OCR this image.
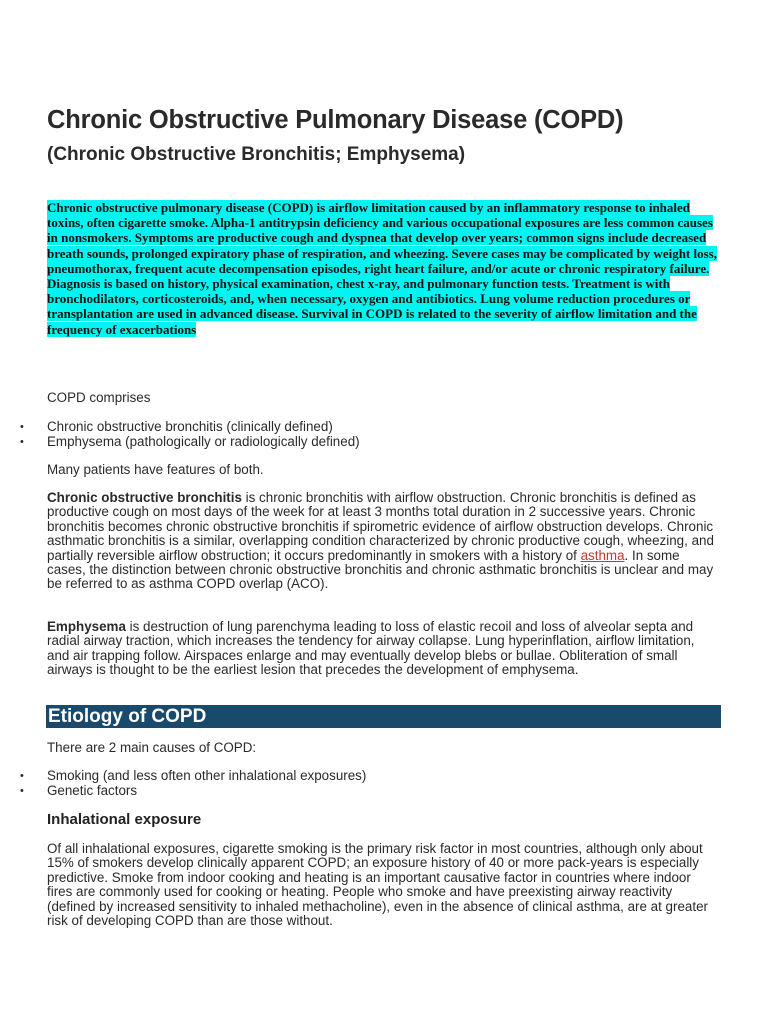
Chronic Obstructive Pulmonary Disease (COPD)
(Chronic Obstructive Bronchitis; Emphysema)

Chronic obstructive pulmonary disease (COPD) is airflow limitation caused by an inflammatory response to inhaled toxins, often cigarette smoke. Alpha-1 antitrypsin deficiency and various occupational exposures are less common causes in nonsmokers. Symptoms are productive cough and dyspnea that develop over years; common signs include decreased breath sounds, prolonged expiratory phase of respiration, and wheezing. Severe cases may be complicated by weight loss, pneumothorax, frequent acute decompensation episodes, right heart failure, and/or acute or chronic respiratory failure. Diagnosis is based on history, physical examination, chest x-ray, and pulmonary function tests. Treatment is with bronchodilators, corticosteroids, and, when necessary, oxygen and antibiotics. Lung volume reduction procedures or transplantation are used in advanced disease. Survival in COPD is related to the severity of airflow limitation and the frequency of exacerbations

COPD comprises

• Chronic obstructive bronchitis (clinically defined)
• Emphysema (pathologically or radiologically defined)

Many patients have features of both.

Chronic obstructive bronchitis is chronic bronchitis with airflow obstruction. Chronic bronchitis is defined as productive cough on most days of the week for at least 3 months total duration in 2 successive years. Chronic bronchitis becomes chronic obstructive bronchitis if spirometric evidence of airflow obstruction develops. Chronic asthmatic bronchitis is a similar, overlapping condition characterized by chronic productive cough, wheezing, and partially reversible airflow obstruction; it occurs predominantly in smokers with a history of asthma. In some cases, the distinction between chronic obstructive bronchitis and chronic asthmatic bronchitis is unclear and may be referred to as asthma COPD overlap (ACO).

Emphysema is destruction of lung parenchyma leading to loss of elastic recoil and loss of alveolar septa and radial airway traction, which increases the tendency for airway collapse. Lung hyperinflation, airflow limitation, and air trapping follow. Airspaces enlarge and may eventually develop blebs or bullae. Obliteration of small airways is thought to be the earliest lesion that precedes the development of emphysema.

Etiology of COPD

There are 2 main causes of COPD:

• Smoking (and less often other inhalational exposures)
• Genetic factors
Inhalational exposure

Of all inhalational exposures, cigarette smoking is the primary risk factor in most countries, although only about 15% of smokers develop clinically apparent COPD; an exposure history of 40 or more pack-years is especially predictive. Smoke from indoor cooking and heating is an important causative factor in countries where indoor fires are commonly used for cooking or heating. People who smoke and have preexisting airway reactivity (defined by increased sensitivity to inhaled methacholine), even in the absence of clinical asthma, are at greater risk of developing COPD than are those without.
